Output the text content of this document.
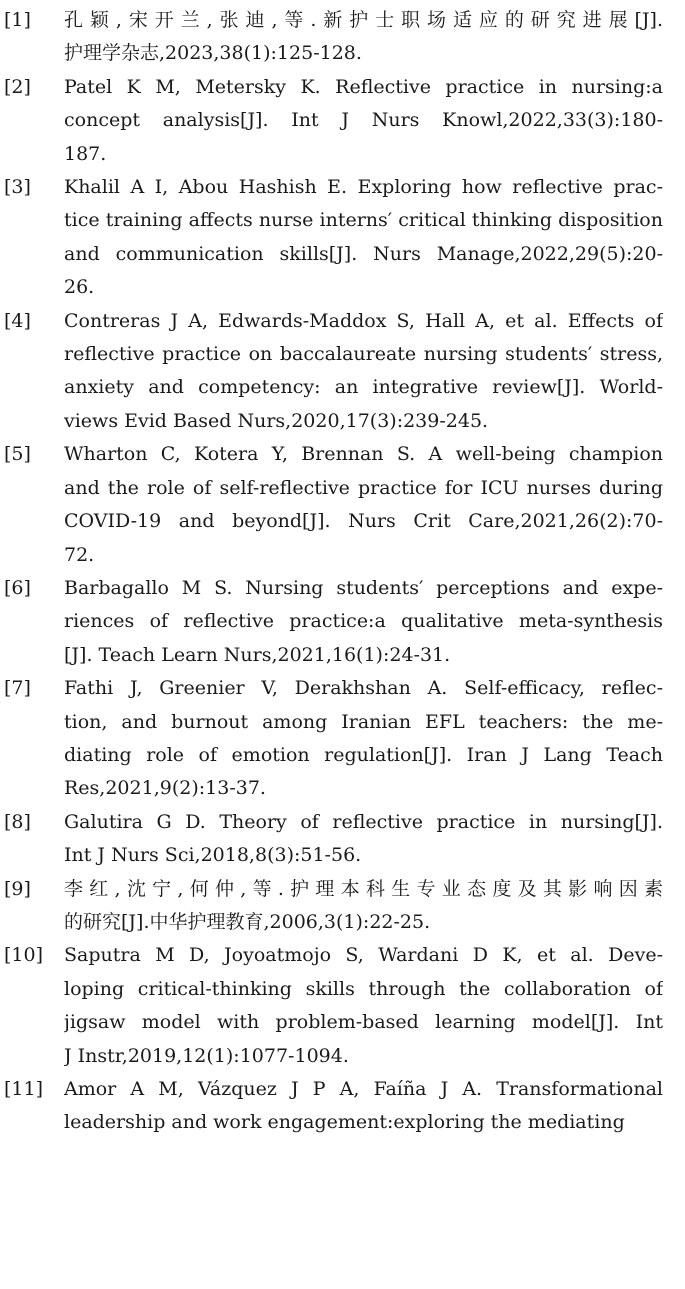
[1]	孔颖,宋开兰,张迪,等.新护士职场适应的研究进展[J].
护理学杂志,2023,38(1):125-128.
[2]	Patel K M, Metersky K. Reflective practice in nursing:a
concept analysis[J]. Int J Nurs Knowl,2022,33(3):180-
187.
[3]	Khalil A I, Abou Hashish E. Exploring how reflective prac-
tice training affects nurse interns′ critical thinking disposition
and communication skills[J]. Nurs Manage,2022,29(5):20-
26.
[4]	Contreras J A, Edwards-Maddox S, Hall A, et al. Effects of
reflective practice on baccalaureate nursing students′ stress,
anxiety and competency: an integrative review[J]. World-
views Evid Based Nurs,2020,17(3):239-245.
[5]	Wharton C, Kotera Y, Brennan S. A well-being champion
and the role of self-reflective practice for ICU nurses during
COVID-19 and beyond[J]. Nurs Crit Care,2021,26(2):70-
72.
[6]	Barbagallo M S. Nursing students′ perceptions and expe-
riences of reflective practice:a qualitative meta-synthesis
[J]. Teach Learn Nurs,2021,16(1):24-31.
[7]	Fathi J, Greenier V, Derakhshan A. Self-efficacy, reflec-
tion, and burnout among Iranian EFL teachers: the me-
diating role of emotion regulation[J]. Iran J Lang Teach
Res,2021,9(2):13-37.
[8]	Galutira G D. Theory of reflective practice in nursing[J].
Int J Nurs Sci,2018,8(3):51-56.
[9]	李红,沈宁,何仲,等.护理本科生专业态度及其影响因素
的研究[J].中华护理教育,2006,3(1):22-25.
[10]	Saputra M D, Joyoatmojo S, Wardani D K, et al. Deve-
loping critical-thinking skills through the collaboration of
jigsaw model with problem-based learning model[J]. Int
J Instr,2019,12(1):1077-1094.
[11]	Amor A M, Vázquez J P A, Faíña J A. Transformational
leadership and work engagement:exploring the mediating
